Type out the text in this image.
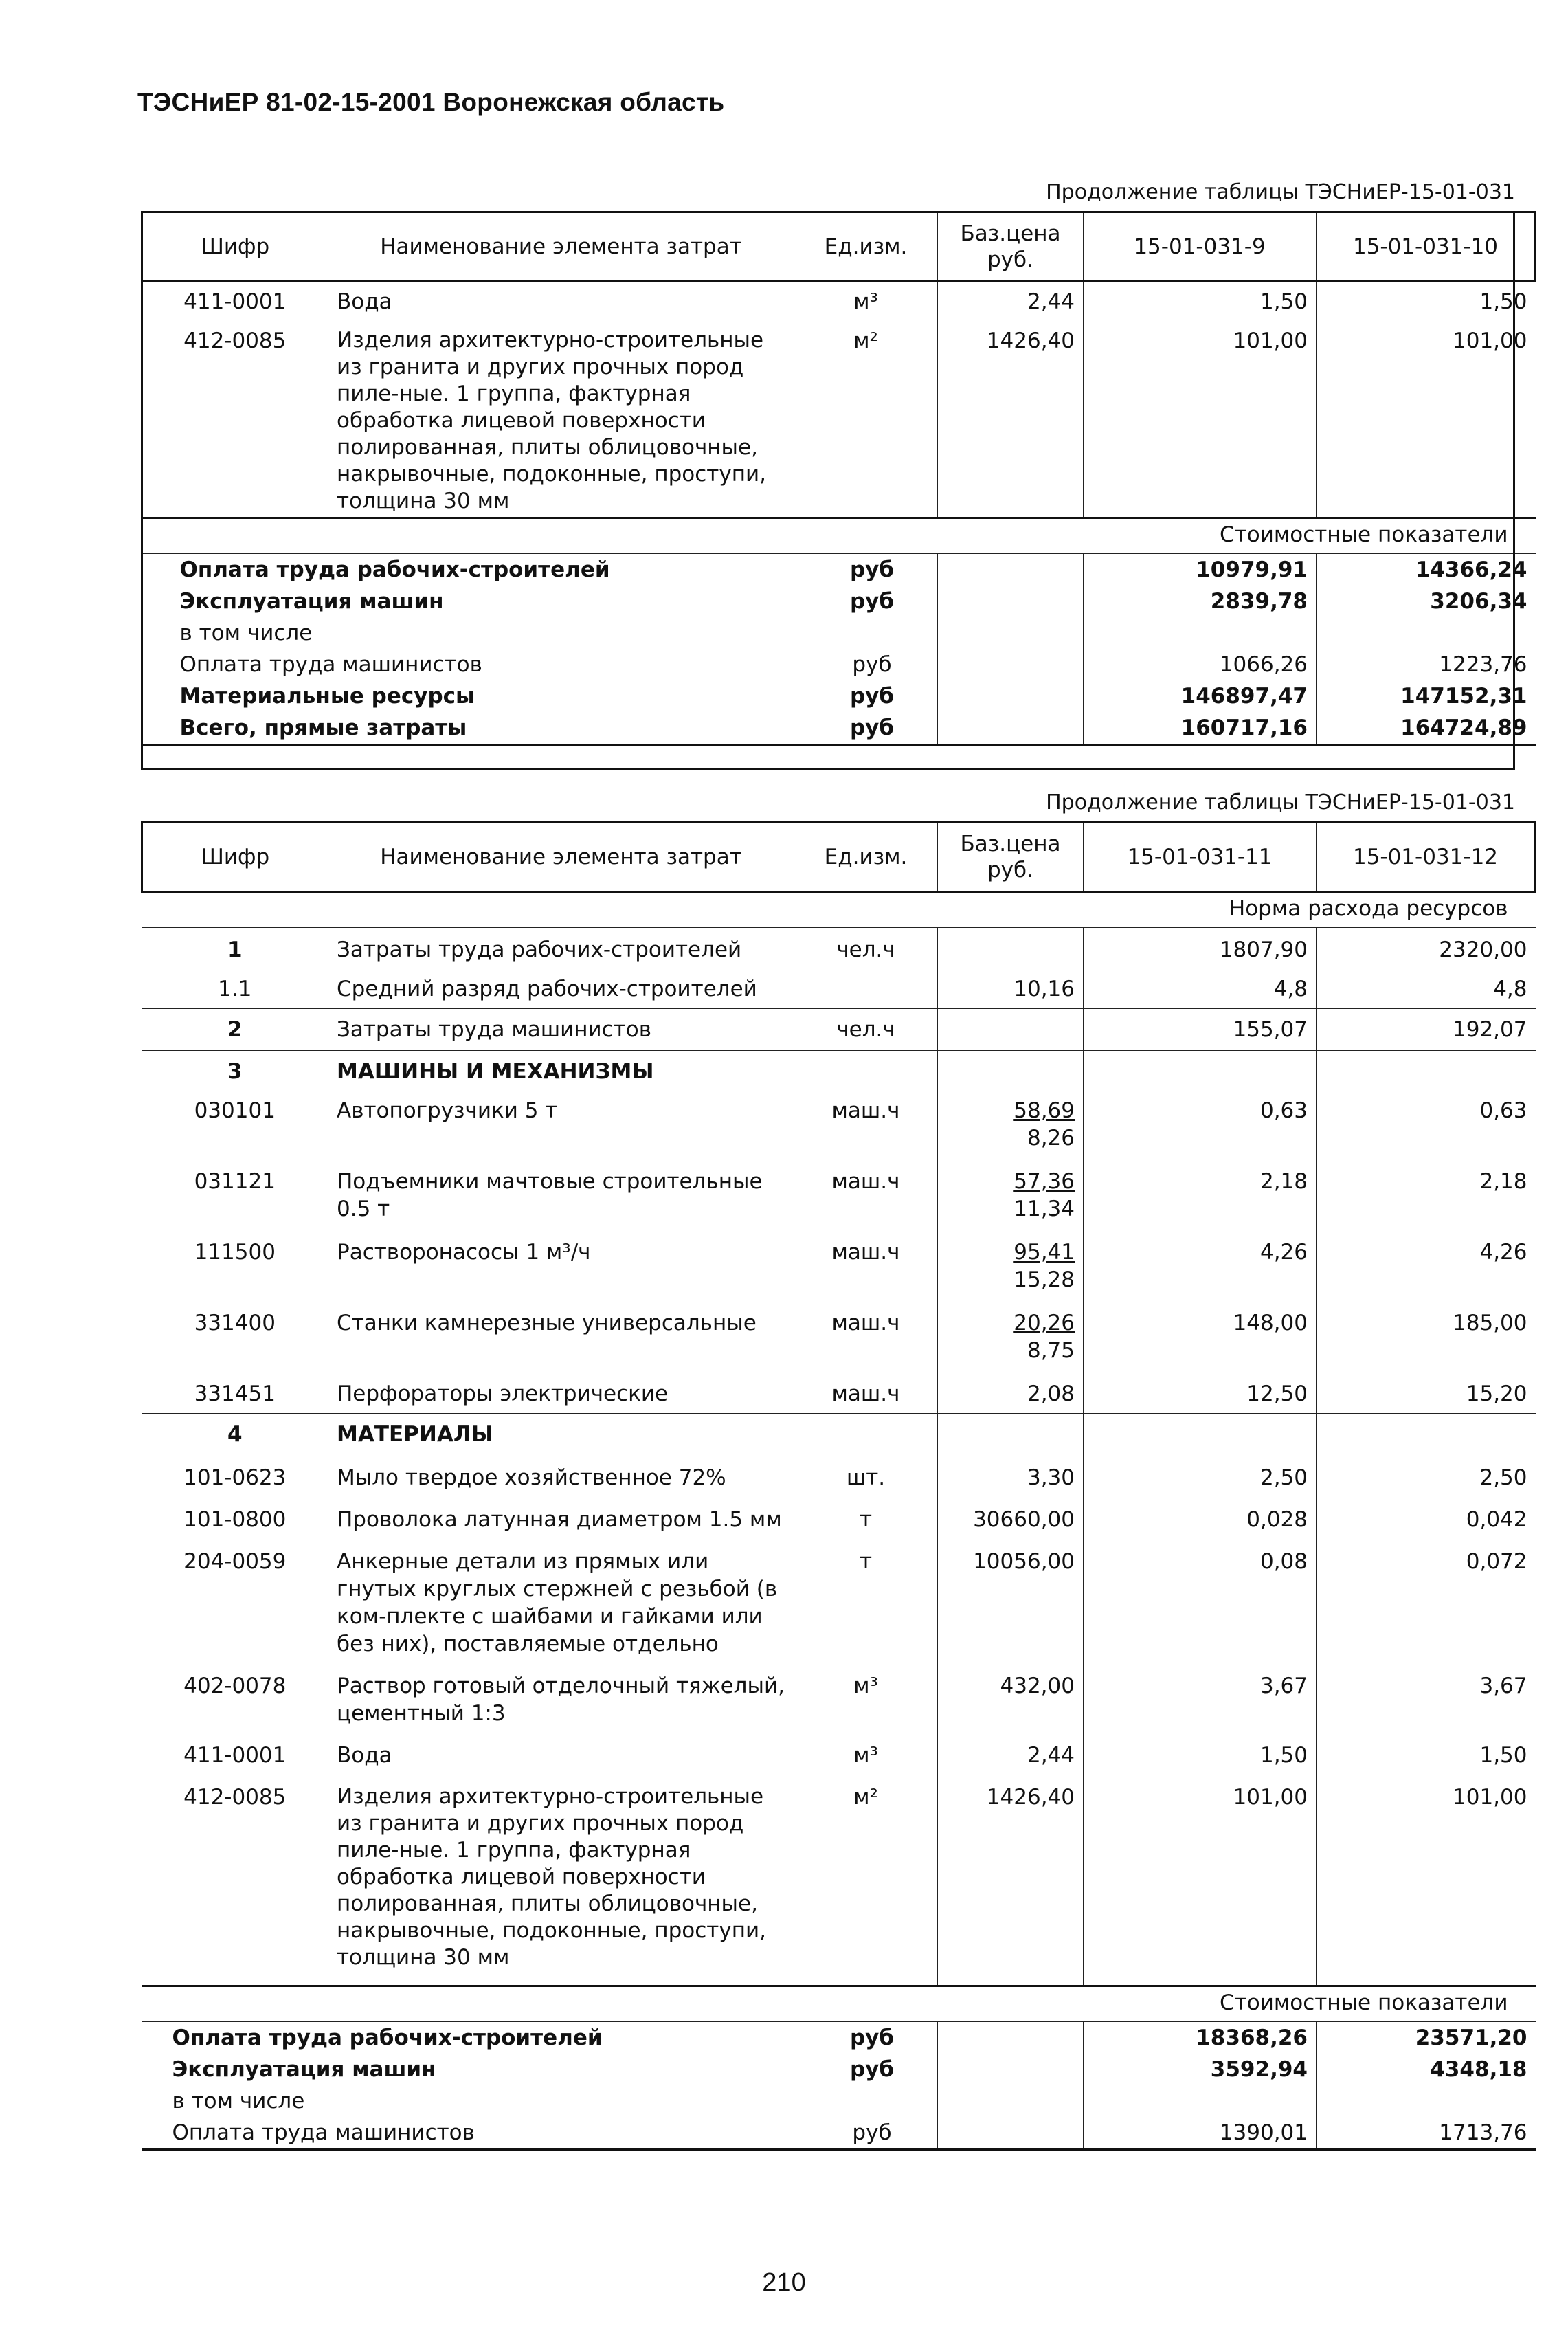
ТЭСНиЕР 81-02-15-2001 Воронежская область
Продолжение таблицы ТЭСНиЕР-15-01-031
Шифр	Наименование элемента затрат	Ед.изм.	Баз.цена руб.	15-01-031-9	15-01-031-10
411-0001	Вода	м³	2,44	1,50	1,50
412-0085	Изделия архитектурно-строительные из гранита и других прочных пород пиле-ные. 1 группа, фактурная обработка лицевой поверхности полированная, плиты облицовочные, накрывочные, подоконные, проступи, толщина 30 мм	м²	1426,40	101,00	101,00
Стоимостные показатели					
Оплата труда рабочих-строителей руб				10979,91	14366,24
Эксплуатация машин руб				2839,78	3206,34
в том числе					
Оплата труда машинистов руб				1066,26	1223,76
Материальные ресурсы руб				146897,47	147152,31
Всего, прямые затраты руб				160717,16	164724,89
Продолжение таблицы ТЭСНиЕР-15-01-031
Шифр	Наименование элемента затрат	Ед.изм.	Баз.цена руб.	15-01-031-11	15-01-031-12
Норма расхода ресурсов					
1	Затраты труда рабочих-строителей	чел.ч		1807,90	2320,00
1.1	Средний разряд рабочих-строителей		10,16	4,8	4,8
2	Затраты труда машинистов	чел.ч		155,07	192,07
3	МАШИНЫ И МЕХАНИЗМЫ				
030101	Автопогрузчики 5 т	маш.ч	$\frac{58,69}{8,26}$	0,63	0,63
031121	Подъемники мачтовые строительные 0.5 т	маш.ч	$\frac{57,36}{11,34}$	2,18	2,18
111500	Растворонасосы 1 м³/ч	маш.ч	$\frac{95,41}{15,28}$	4,26	4,26
331400	Станки камнерезные универсальные	маш.ч	$\frac{20,26}{8,75}$	148,00	185,00
331451	Перфораторы электрические	маш.ч	2,08	12,50	15,20
4	МАТЕРИАЛЫ				
101-0623	Мыло твердое хозяйственное 72%	шт.	3,30	2,50	2,50
101-0800	Проволока латунная диаметром 1.5 мм	т	30660,00	0,028	0,042
204-0059	Анкерные детали из прямых или гнутых круглых стержней с резьбой (в ком-плекте с шайбами и гайками или без них), поставляемые отдельно	т	10056,00	0,08	0,072
402-0078	Раствор готовый отделочный тяжелый, цементный 1:3	м³	432,00	3,67	3,67
411-0001	Вода	м³	2,44	1,50	1,50
412-0085	Изделия архитектурно-строительные из гранита и других прочных пород пиле-ные. 1 группа, фактурная обработка лицевой поверхности полированная, плиты облицовочные, накрывочные, подоконные, проступи, толщина 30 мм	м²	1426,40	101,00	101,00
Стоимостные показатели					
Оплата труда рабочих-строителей руб				18368,26	23571,20
Эксплуатация машин руб				3592,94	4348,18
в том числе					
Оплата труда машинистов руб				1390,01	1713,76
210
